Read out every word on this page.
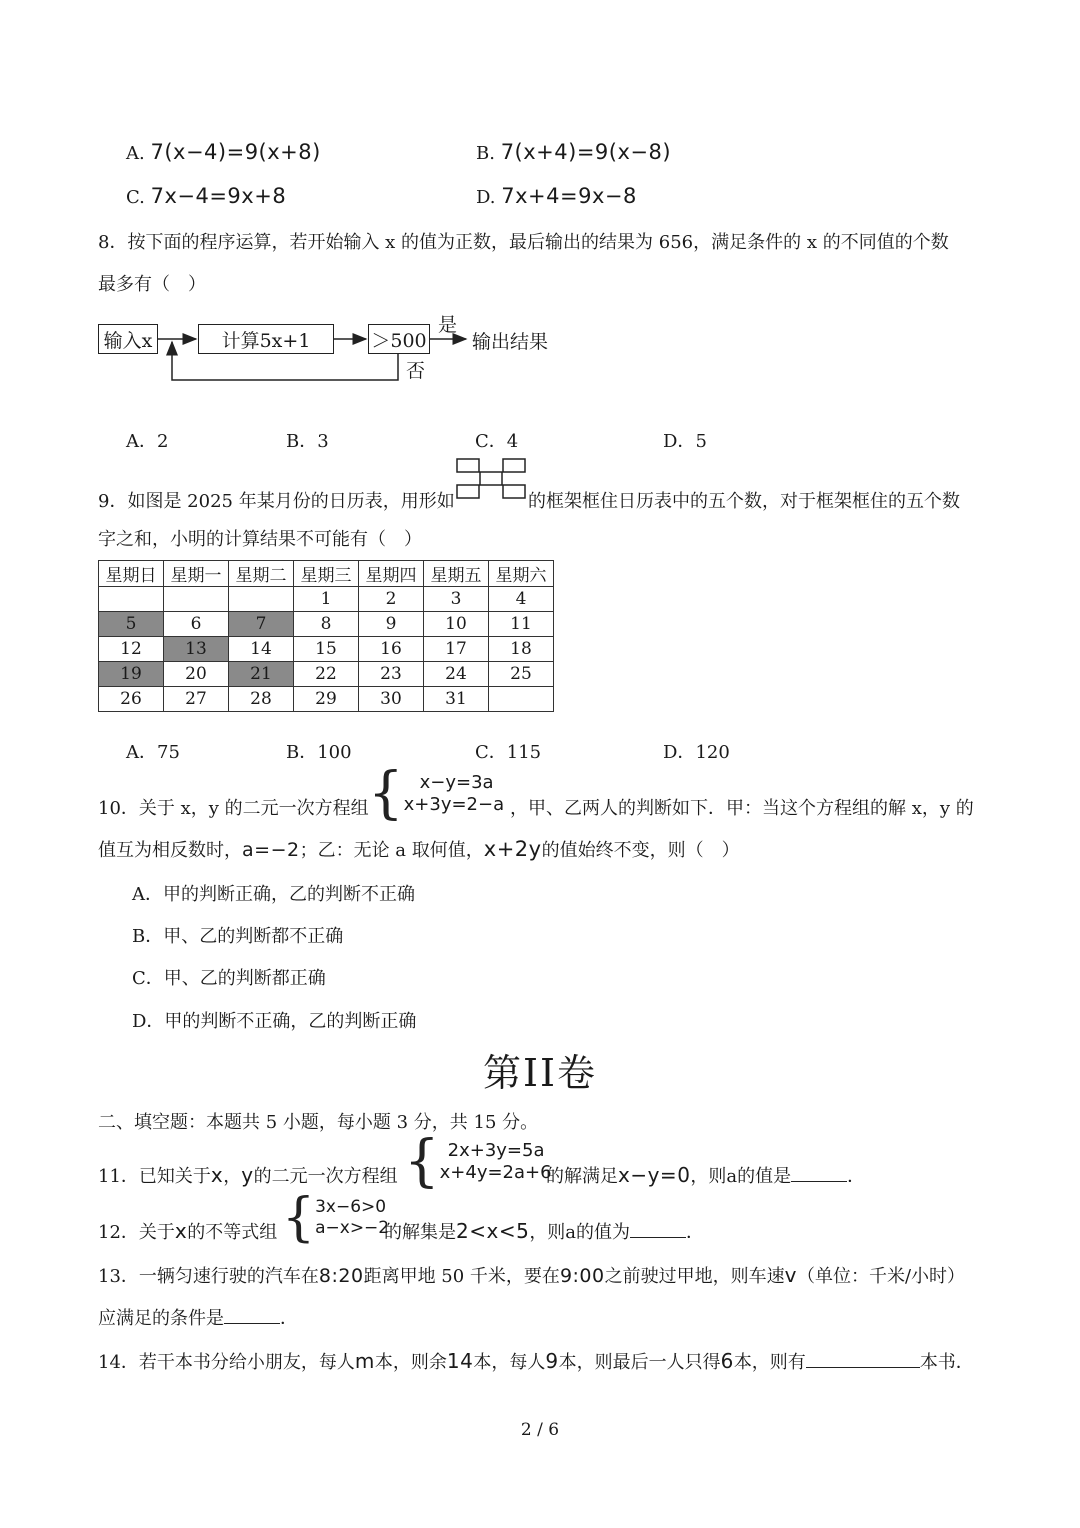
A. 7(x−4)=9(x+8)	B. 7(x+4)=9(x−8)
C. 7x−4=9x+8	D. 7x+4=9x−8
8．按下面的程序运算，若开始输入 x 的值为正数，最后输出的结果为 656，满足条件的 x 的不同值的个数
最多有（　）
输入x	计算5x+1	＞500
是
否
输出结果
A．2	B．3	C．4	D．5
9．如图是 2025 年某月份的日历表，用形如	的框架框住日历表中的五个数，对于框架框住的五个数
字之和，小明的计算结果不可能有（　）
星期日	星期一	星期二	星期三	星期四	星期五	星期六
			1	2	3	4
5	6	7	8	9	10	11
12	13	14	15	16	17	18
19	20	21	22	23	24	25
26	27	28	29	30	31	
A．75	B．100	C．115	D．120
10．关于 x，y 的二元一次方程组 { x−y=3a
x+3y=2−a ，甲、乙两人的判断如下．甲：当这个方程组的解 x，y 的
值互为相反数时，a=−2；乙：无论 a 取何值，x+2y的值始终不变，则（　）
A．甲的判断正确，乙的判断不正确
B．甲、乙的判断都不正确
C．甲、乙的判断都正确
D．甲的判断不正确，乙的判断正确
第II卷
二、填空题：本题共 5 小题，每小题 3 分，共 15 分。
11．已知关于x，y的二元一次方程组 { 2x+3y=5a
x+4y=2a+6
的解满足x−y=0，则a的值是	．
12．关于x的不等式组 { 3x−6>0
a−x>−2
的解集是2<x<5，则a的值为	．
13．一辆匀速行驶的汽车在8:20距离甲地 50 千米，要在9:00之前驶过甲地，则车速v（单位：千米/小时）
应满足的条件是	．
14．若干本书分给小朋友，每人m本，则余14本，每人9本，则最后一人只得6本，则有	本书．
2 / 6
